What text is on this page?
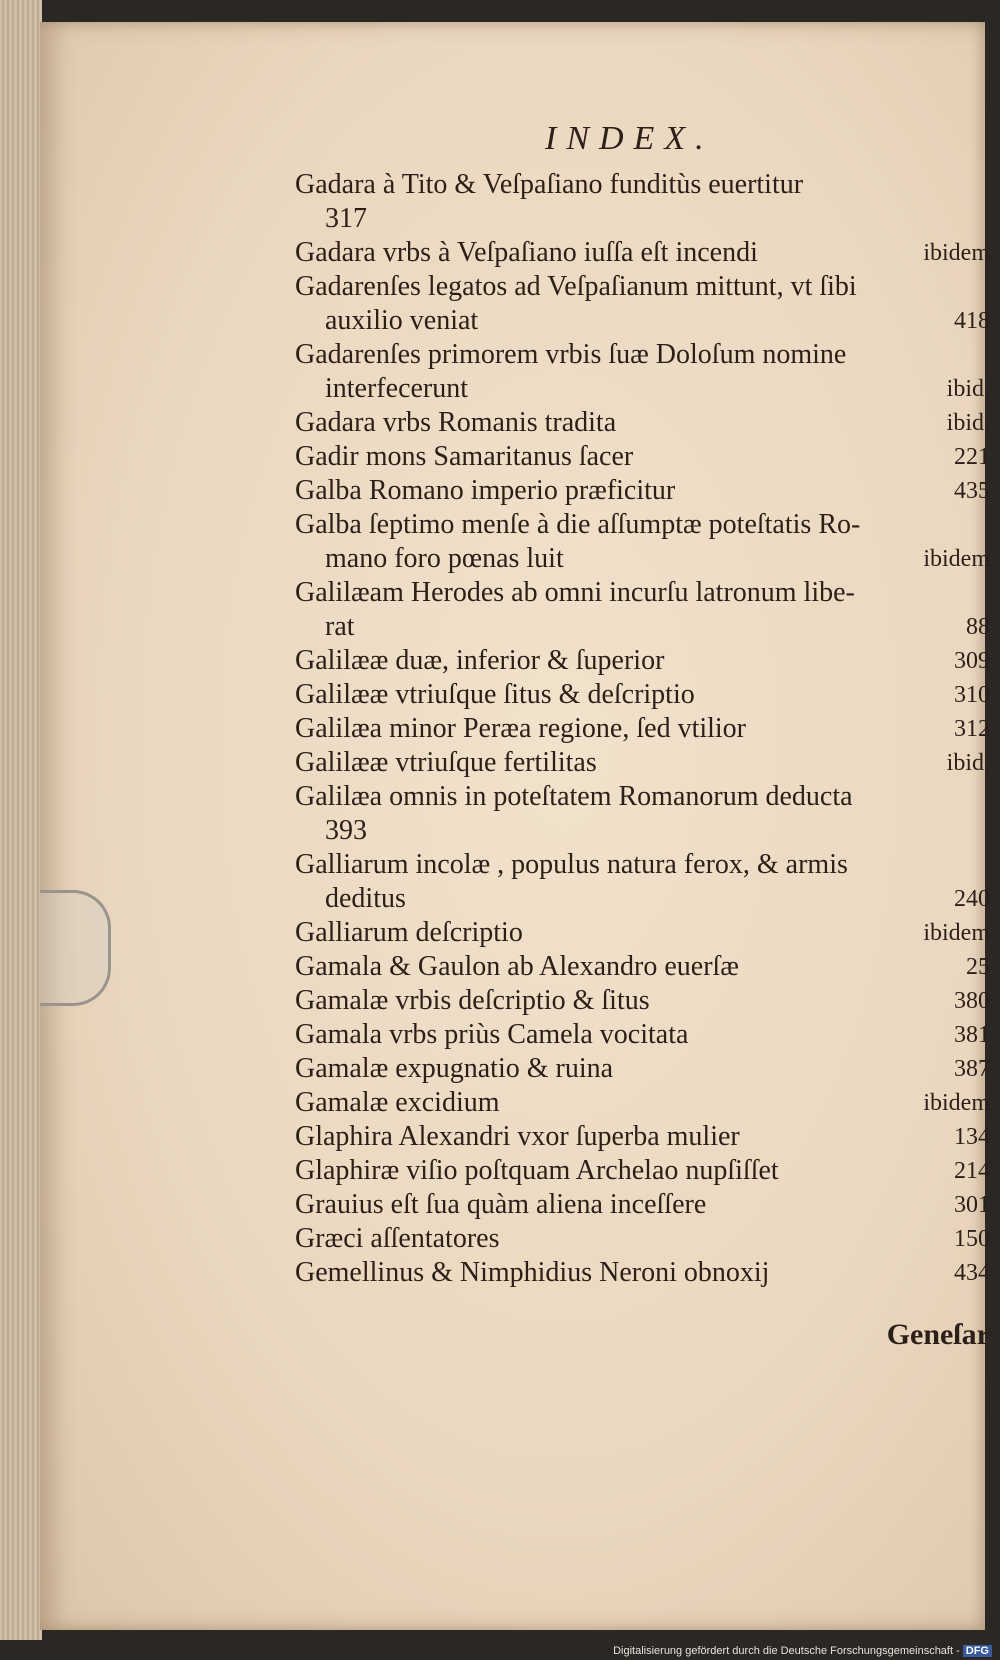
INDEX.
Gadara à Tito & Veſpaſiano funditùs euertitur
317
Gadara vrbs à Veſpaſiano iuſſa eſt incendi	ibidem
Gadarenſes legatos ad Veſpaſianum mittunt, vt ſibi
auxilio veniat	418
Gadarenſes primorem vrbis ſuæ Doloſum nomine
interfecerunt	ibid.
Gadara vrbs Romanis tradita	ibid.
Gadir mons Samaritanus ſacer	221
Galba Romano imperio præficitur	435
Galba ſeptimo menſe à die aſſumptæ poteſtatis Ro-
mano foro pœnas luit	ibidem
Galilæam Herodes ab omni incurſu latronum libe-
rat	88
Galilææ duæ, inferior & ſuperior	309
Galilææ vtriuſque ſitus & deſcriptio	310
Galilæa minor Peræa regione, ſed vtilior	312
Galilææ vtriuſque fertilitas	ibid.
Galilæa omnis in poteſtatem Romanorum deducta
393
Galliarum incolæ , populus natura ferox, & armis
deditus	240
Galliarum deſcriptio	ibidem
Gamala & Gaulon ab Alexandro euerſæ	25
Gamalæ vrbis deſcriptio & ſitus	380
Gamala vrbs priùs Camela vocitata	381
Gamalæ expugnatio & ruina	387
Gamalæ excidium	ibidem
Glaphira Alexandri vxor ſuperba mulier	134
Glaphiræ viſio poſtquam Archelao nupſiſſet	214
Grauius eſt ſua quàm aliena inceſſere	301
Græci aſſentatores	150
Gemellinus & Nimphidius Neroni obnoxij	434
Geneſar
Digitalisierung gefördert durch die Deutsche Forschungsgemeinschaft - DFG
